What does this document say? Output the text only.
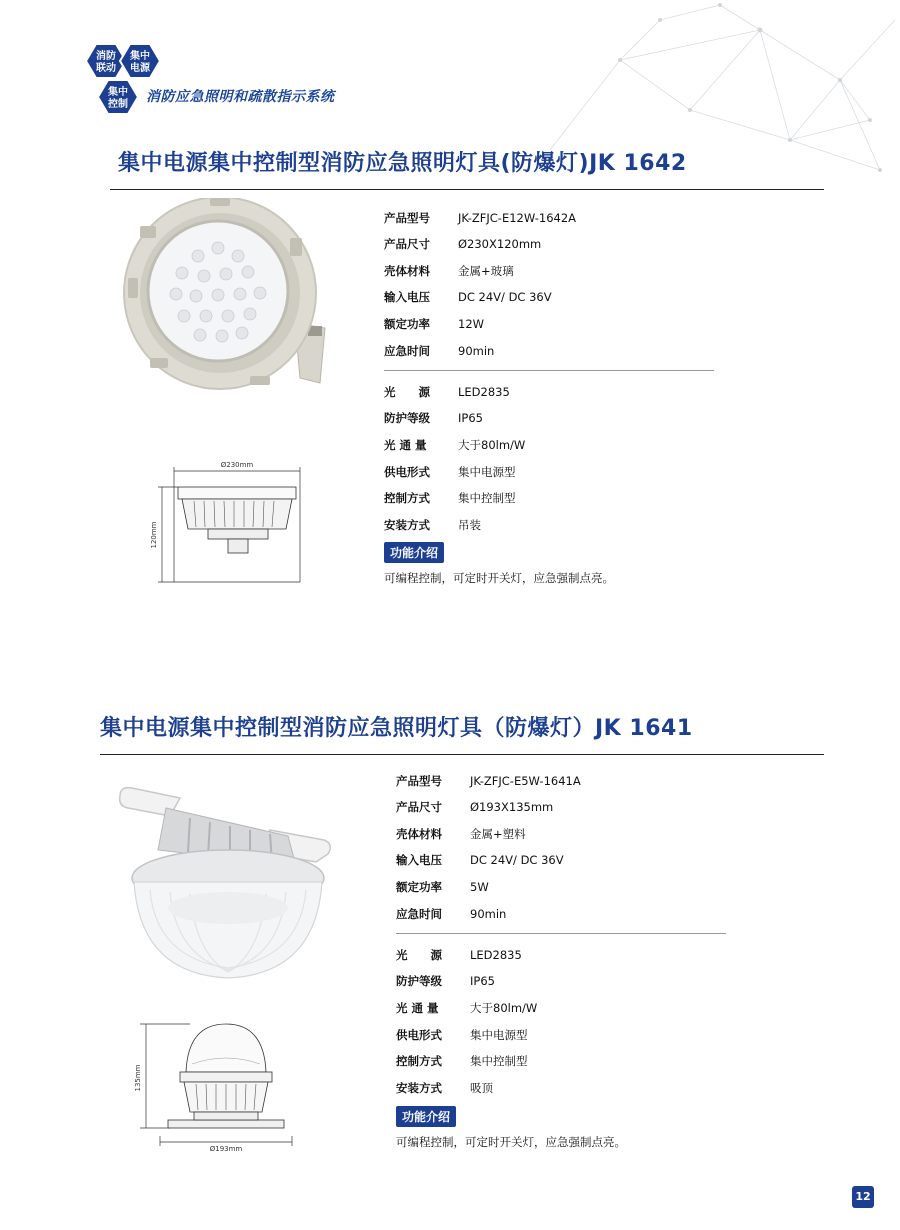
消防
联动
集中
电源
集中
控制 消防应急照明和疏散指示系统
集中电源集中控制型消防应急照明灯具(防爆灯)JK 1642
Ø230mm
120mm
产品型号 JK-ZFJC-E12W-1642A
产品尺寸 Ø230X120mm
壳体材料 金属+玻璃
输入电压 DC 24V/ DC 36V
额定功率 12W
应急时间 90min
光　　源 LED2835
防护等级 IP65
光 通 量	大于80lm/W
供电形式 集中电源型
控制方式 集中控制型
安装方式 吊装
功能介绍
可编程控制，可定时开关灯，应急强制点亮。
集中电源集中控制型消防应急照明灯具（防爆灯）JK 1641
135mm
Ø193mm
产品型号 JK-ZFJC-E5W-1641A
产品尺寸 Ø193X135mm
壳体材料 金属+塑料
输入电压 DC 24V/ DC 36V
额定功率 5W
应急时间 90min
光　　源 LED2835
防护等级 IP65
光 通 量	大于80lm/W
供电形式 集中电源型
控制方式 集中控制型
安装方式 吸顶
功能介绍
可编程控制，可定时开关灯，应急强制点亮。
12
